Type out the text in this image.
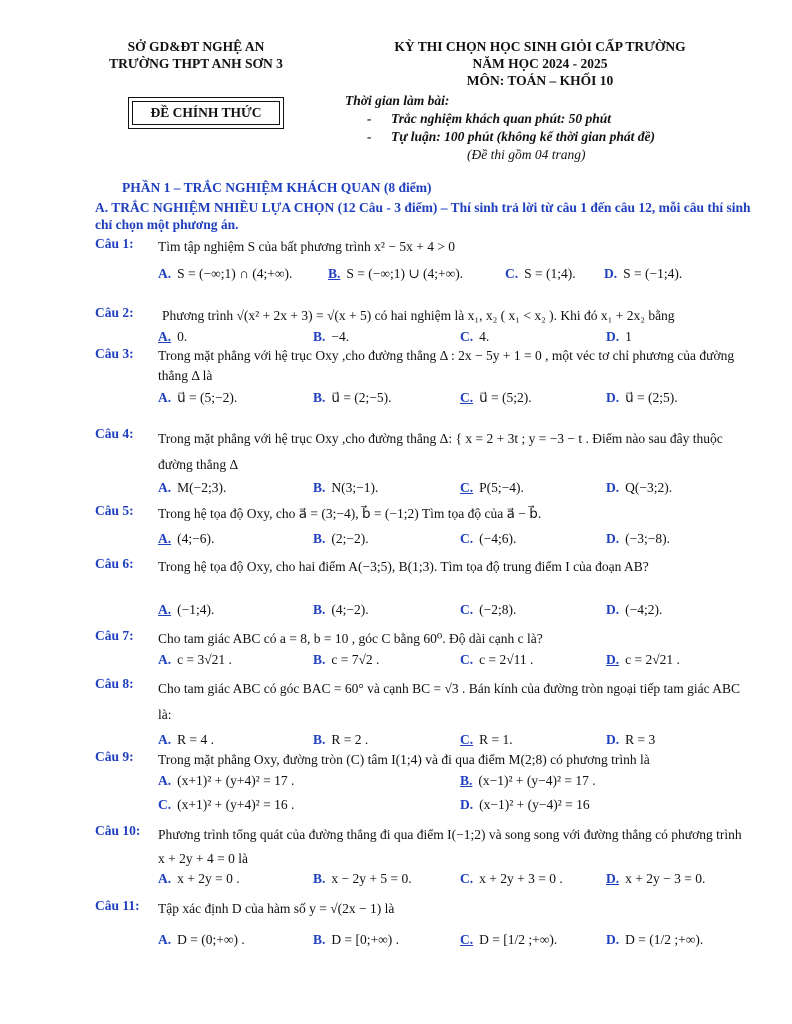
SỞ GD&ĐT NGHỆ AN
TRƯỜNG THPT ANH SƠN 3
KỲ THI CHỌN HỌC SINH GIỎI CẤP TRƯỜNG
NĂM HỌC 2024 - 2025
MÔN: TOÁN – KHỐI 10
ĐỀ CHÍNH THỨC
Thời gian làm bài:
-	Trắc nghiệm khách quan phút: 50 phút
-	Tự luận: 100 phút (không kể thời gian phát đề)
(Đề thi gồm 04 trang)
PHẦN 1 – TRẮC NGHIỆM KHÁCH QUAN (8 điểm)
A. TRẮC NGHIỆM NHIỀU LỰA CHỌN (12 Câu - 3 điểm) – Thí sinh trả lời từ câu 1 đến câu 12, mỗi câu thí sinh chỉ chọn một phương án.
Câu 1: Tìm tập nghiệm S của bất phương trình x² − 5x + 4 > 0
A. S = (−∞;1) ∩ (4;+∞).	B. S = (−∞;1) ∪ (4;+∞).	C. S = (1;4). D. S = (−1;4).
Câu 2: Phương trình √(x² + 2x + 3) = √(x + 5) có hai nghiệm là x₁, x₂ ( x₁ < x₂ ). Khi đó x₁ + 2x₂ bằng
A. 0.	B. −4.	C. 4.	D. 1
Câu 3: Trong mặt phẳng với hệ trục Oxy ,cho đường thẳng Δ : 2x − 5y + 1 = 0 , một véc tơ chỉ phương của đường thẳng Δ là
A. u⃗ = (5;−2).	B. u⃗ = (2;−5).	C. u⃗ = (5;2).	D. u⃗ = (2;5).
Câu 4: Trong mặt phẳng với hệ trục Oxy ,cho đường thẳng Δ: { x = 2 + 3t ; y = −3 − t . Điểm nào sau đây thuộc đường thẳng Δ
A. M(−2;3).	B. N(3;−1).	C. P(5;−4).	D. Q(−3;2).
Câu 5: Trong hệ tọa độ Oxy, cho a⃗ = (3;−4), b⃗ = (−1;2) Tìm tọa độ của a⃗ − b⃗.
A. (4;−6).	B. (2;−2).	C. (−4;6).	D. (−3;−8).
Câu 6: Trong hệ tọa độ Oxy, cho hai điểm A(−3;5), B(1;3). Tìm tọa độ trung điểm I của đoạn AB?
A. (−1;4).	B. (4;−2).	C. (−2;8).	D. (−4;2).
Câu 7: Cho tam giác ABC có a = 8, b = 10 , góc C bằng 60⁰. Độ dài cạnh c là?
A. c = 3√21 .	B. c = 7√2 .	C. c = 2√11 .	D. c = 2√21 .
Câu 8: Cho tam giác ABC có góc BAC = 60° và cạnh BC = √3 . Bán kính của đường tròn ngoại tiếp tam giác ABC là:
A. R = 4 .	B. R = 2 .	C. R = 1.	D. R = 3
Câu 9: Trong mặt phẳng Oxy, đường tròn (C) tâm I(1;4) và đi qua điểm M(2;8) có phương trình là
A. (x+1)² + (y+4)² = 17 .	B. (x−1)² + (y−4)² = 17 .
C. (x+1)² + (y+4)² = 16 .	D. (x−1)² + (y−4)² = 16
Câu 10: Phương trình tổng quát của đường thẳng đi qua điểm I(−1;2) và song song với đường thẳng có phương trình x + 2y + 4 = 0 là
A. x + 2y = 0 .	B. x − 2y + 5 = 0.	C. x + 2y + 3 = 0 .	D. x + 2y − 3 = 0.
Câu 11: Tập xác định D của hàm số y = √(2x − 1) là
A. D = (0;+∞) .	B. D = [0;+∞) .	C. D = [1/2 ;+∞).	D. D = (1/2 ;+∞).
